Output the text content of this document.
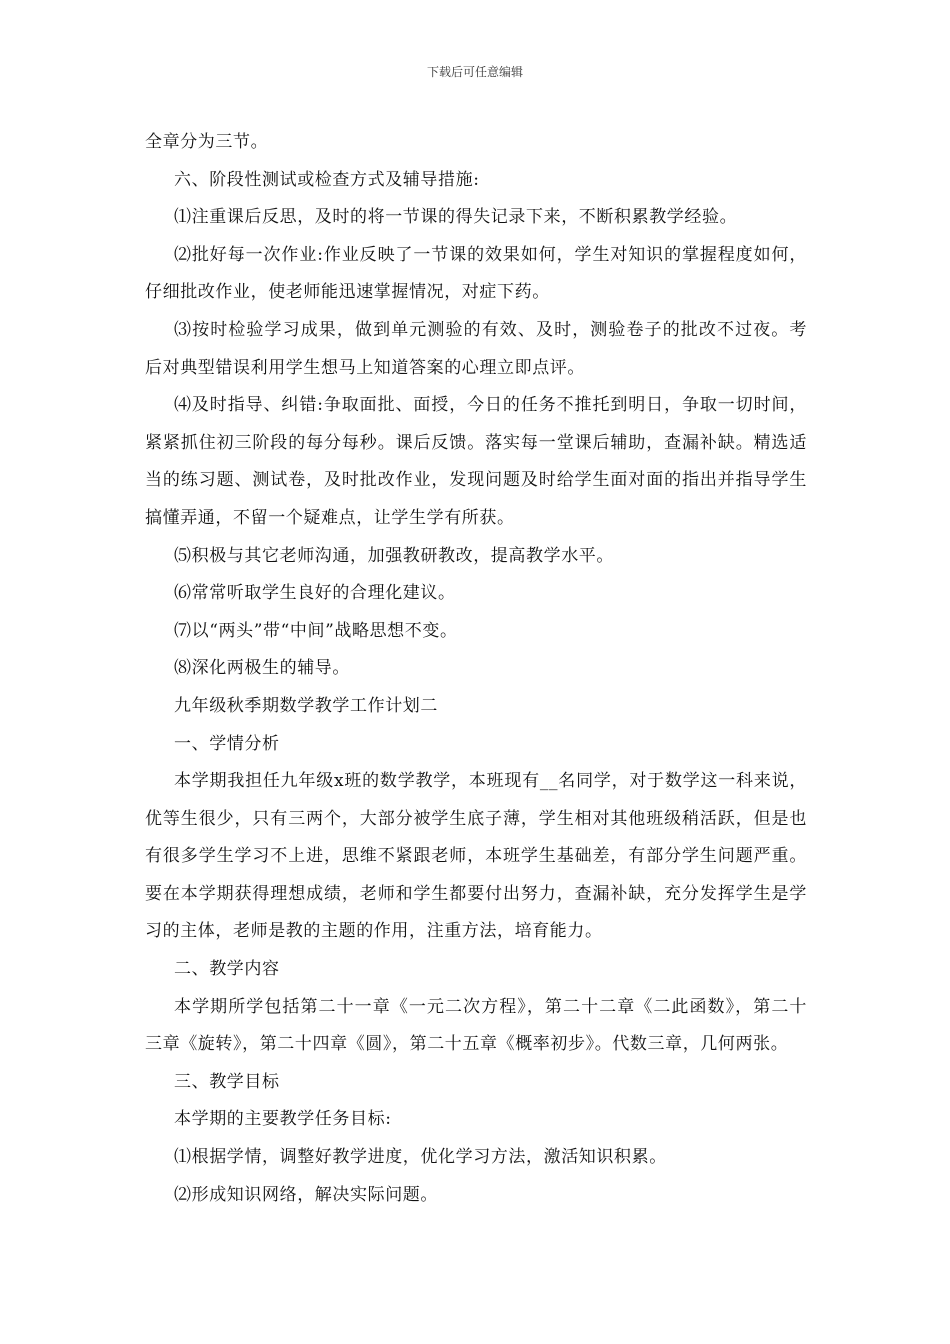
下载后可任意编辑

全章分为三节。

六、阶段性测试或检查方式及辅导措施:

⑴注重课后反思，及时的将一节课的得失记录下来，不断积累教学经验。

⑵批好每一次作业:作业反映了一节课的效果如何，学生对知识的掌握程度如何，仔细批改作业，使老师能迅速掌握情况，对症下药。

⑶按时检验学习成果，做到单元测验的有效、及时，测验卷子的批改不过夜。考后对典型错误利用学生想马上知道答案的心理立即点评。

⑷及时指导、纠错:争取面批、面授，今日的任务不推托到明日，争取一切时间，紧紧抓住初三阶段的每分每秒。课后反馈。落实每一堂课后辅助，查漏补缺。精选适当的练习题、测试卷，及时批改作业，发现问题及时给学生面对面的指出并指导学生搞懂弄通，不留一个疑难点，让学生学有所获。

⑸积极与其它老师沟通，加强教研教改，提高教学水平。

⑹常常听取学生良好的合理化建议。

⑺以“两头”带“中间”战略思想不变。

⑻深化两极生的辅导。

九年级秋季期数学教学工作计划二

一、学情分析

本学期我担任九年级x班的数学教学，本班现有__名同学，对于数学这一科来说，优等生很少，只有三两个，大部分被学生底子薄，学生相对其他班级稍活跃，但是也有很多学生学习不上进，思维不紧跟老师，本班学生基础差，有部分学生问题严重。要在本学期获得理想成绩，老师和学生都要付出努力，查漏补缺，充分发挥学生是学习的主体，老师是教的主题的作用，注重方法，培育能力。

二、教学内容

本学期所学包括第二十一章《一元二次方程》，第二十二章《二此函数》，第二十三章《旋转》，第二十四章《圆》，第二十五章《概率初步》。代数三章，几何两张。

三、教学目标

本学期的主要教学任务目标:

⑴根据学情，调整好教学进度，优化学习方法，激活知识积累。

⑵形成知识网络，解决实际问题。
